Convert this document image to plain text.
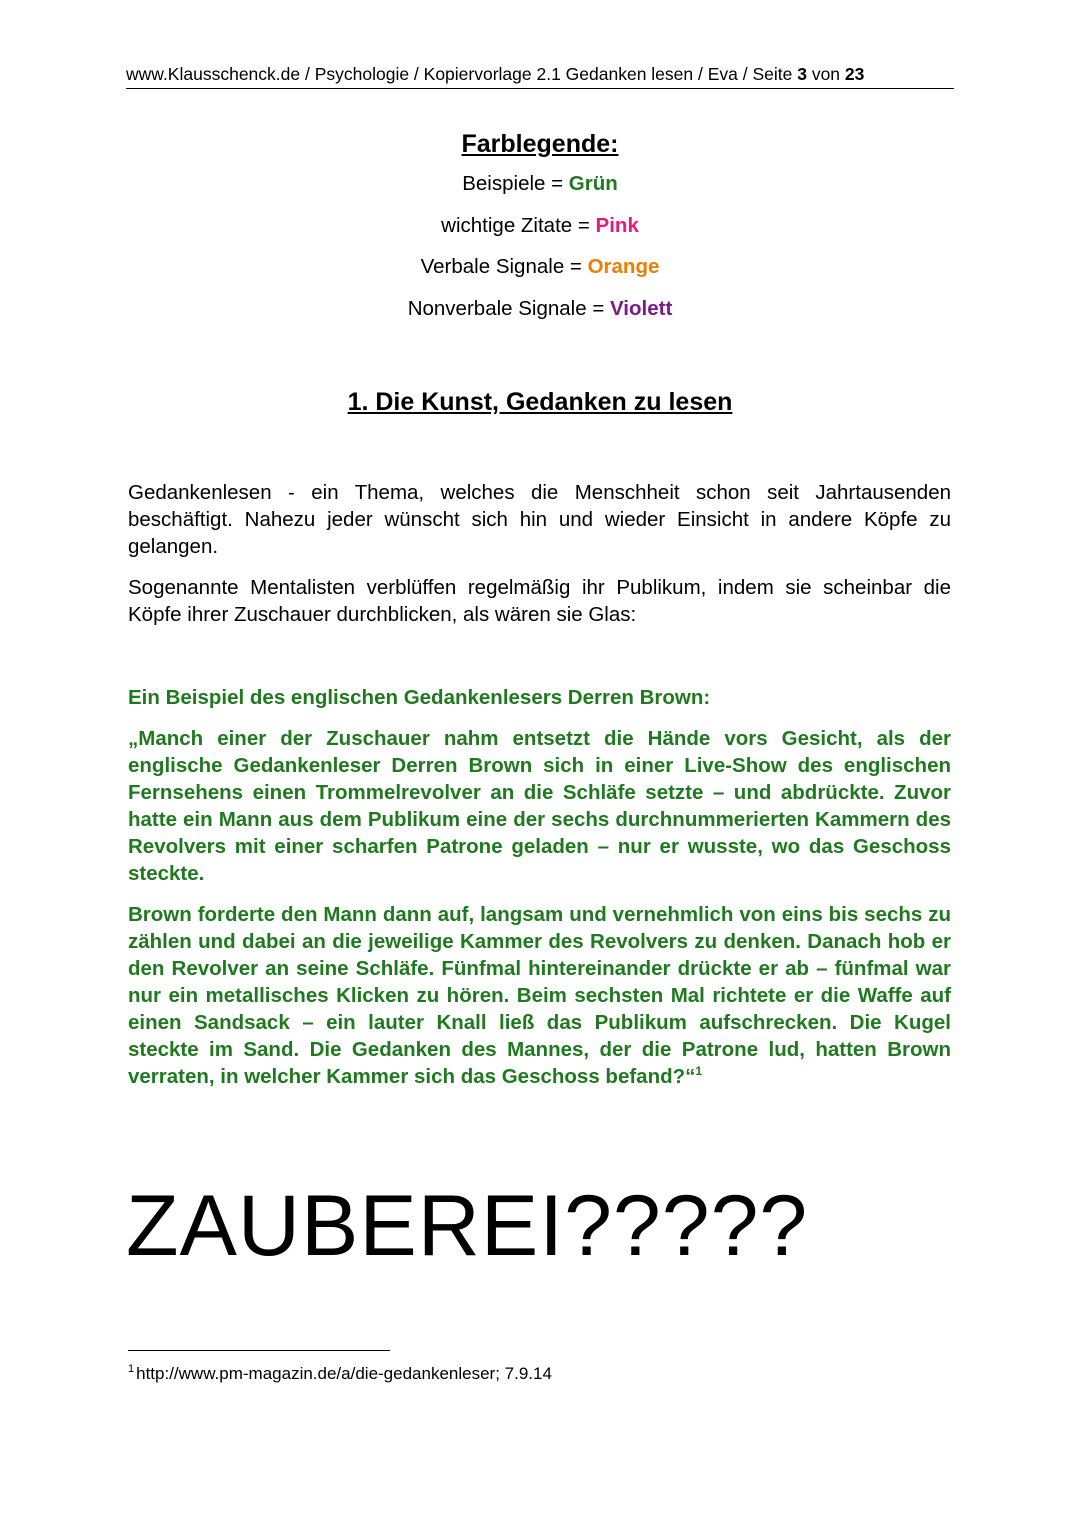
www.Klausschenck.de / Psychologie / Kopiervorlage 2.1 Gedanken lesen / Eva / Seite 3 von 23
Farblegende:
Beispiele = Grün
wichtige Zitate = Pink
Verbale Signale = Orange
Nonverbale Signale = Violett
1. Die Kunst, Gedanken zu lesen

Gedankenlesen - ein Thema, welches die Menschheit schon seit Jahrtausenden beschäftigt. Nahezu jeder wünscht sich hin und wieder Einsicht in andere Köpfe zu gelangen.

Sogenannte Mentalisten verblüffen regelmäßig ihr Publikum, indem sie scheinbar die Köpfe ihrer Zuschauer durchblicken, als wären sie Glas:

Ein Beispiel des englischen Gedankenlesers Derren Brown:

„Manch einer der Zuschauer nahm entsetzt die Hände vors Gesicht, als der englische Gedankenleser Derren Brown sich in einer Live-Show des englischen Fernsehens einen Trommelrevolver an die Schläfe setzte – und abdrückte. Zuvor hatte ein Mann aus dem Publikum eine der sechs durchnummerierten Kammern des Revolvers mit einer scharfen Patrone geladen – nur er wusste, wo das Geschoss steckte.

Brown forderte den Mann dann auf, langsam und vernehmlich von eins bis sechs zu zählen und dabei an die jeweilige Kammer des Revolvers zu denken. Danach hob er den Revolver an seine Schläfe. Fünfmal hintereinander drückte er ab – fünfmal war nur ein metallisches Klicken zu hören. Beim sechsten Mal richtete er die Waffe auf einen Sandsack – ein lauter Knall ließ das Publikum aufschrecken. Die Kugel steckte im Sand. Die Gedanken des Mannes, der die Patrone lud, hatten Brown verraten, in welcher Kammer sich das Geschoss befand?“$^1$

ZAUBEREI?????
$^1$ http://www.pm-magazin.de/a/die-gedankenleser; 7.9.14
